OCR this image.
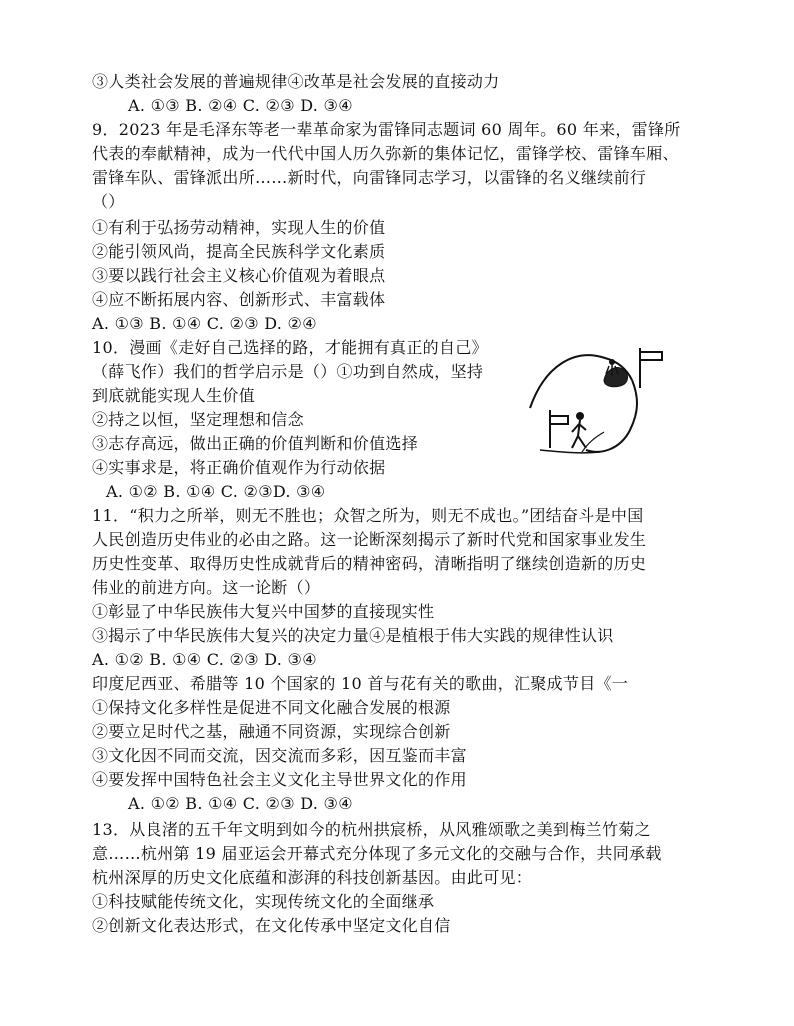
③人类社会发展的普遍规律④改革是社会发展的直接动力
A. ①③ B. ②④ C. ②③ D. ③④
9．2023 年是毛泽东等老一辈革命家为雷锋同志题词 60 周年。60 年来，雷锋所
代表的奉献精神，成为一代代中国人历久弥新的集体记忆，雷锋学校、雷锋车厢、
雷锋车队、雷锋派出所……新时代，向雷锋同志学习，以雷锋的名义继续前行
（）
①有利于弘扬劳动精神，实现人生的价值
②能引领风尚，提高全民族科学文化素质
③要以践行社会主义核心价值观为着眼点
④应不断拓展内容、创新形式、丰富载体
A. ①③ B. ①④ C. ②③ D. ②④
10．漫画《走好自己选择的路，才能拥有真正的自己》
（薛飞作）我们的哲学启示是（）①功到自然成，坚持
到底就能实现人生价值
②持之以恒，坚定理想和信念
③志存高远，做出正确的价值判断和价值选择
④实事求是，将正确价值观作为行动依据
A. ①② B. ①④ C. ②③D. ③④
11．“积力之所举，则无不胜也；众智之所为，则无不成也。”团结奋斗是中国
人民创造历史伟业的必由之路。这一论断深刻揭示了新时代党和国家事业发生
历史性变革、取得历史性成就背后的精神密码，清晰指明了继续创造新的历史
伟业的前进方向。这一论断（）
①彰显了中华民族伟大复兴中国梦的直接现实性
③揭示了中华民族伟大复兴的决定力量④是植根于伟大实践的规律性认识
A. ①② B. ①④ C. ②③ D. ③④
印度尼西亚、希腊等 10 个国家的 10 首与花有关的歌曲，汇聚成节目《一
①保持文化多样性是促进不同文化融合发展的根源
②要立足时代之基，融通不同资源，实现综合创新
③文化因不同而交流，因交流而多彩，因互鉴而丰富
④要发挥中国特色社会主义文化主导世界文化的作用
A. ①② B. ①④ C. ②③ D. ③④
13．从良渚的五千年文明到如今的杭州拱宸桥，从风雅颂歌之美到梅兰竹菊之
意……杭州第 19 届亚运会开幕式充分体现了多元文化的交融与合作，共同承载
杭州深厚的历史文化底蕴和澎湃的科技创新基因。由此可见：
①科技赋能传统文化，实现传统文化的全面继承
②创新文化表达形式，在文化传承中坚定文化自信
